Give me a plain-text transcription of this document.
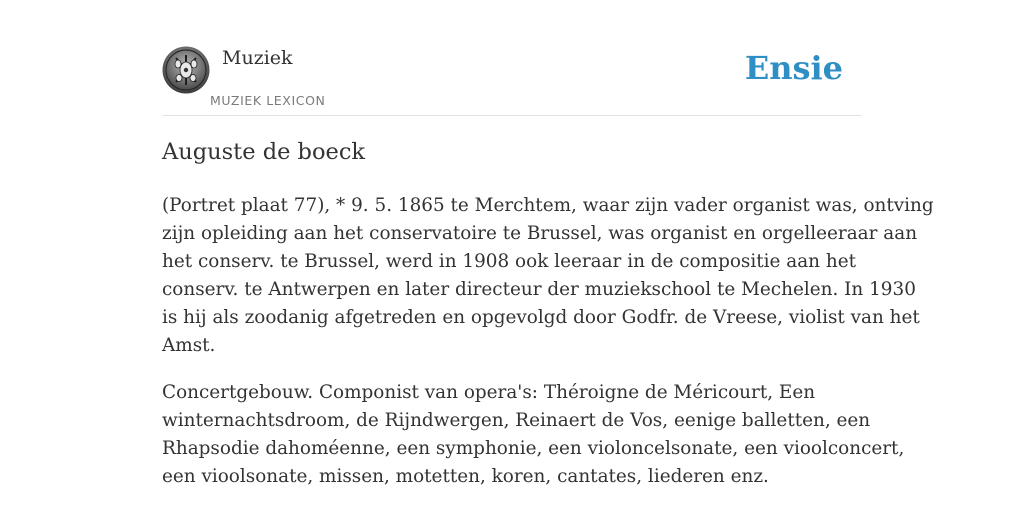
Muziek
MUZIEK LEXICON
Ensie
Auguste de boeck

(Portret plaat 77), * 9. 5. 1865 te Merchtem, waar zijn vader organist was, ontving
zijn opleiding aan het conservatoire te Brussel, was organist en orgelleeraar aan
het conserv. te Brussel, werd in 1908 ook leeraar in de compositie aan het
conserv. te Antwerpen en later directeur der muziekschool te Mechelen. In 1930
is hij als zoodanig afgetreden en opgevolgd door Godfr. de Vreese, violist van het
Amst.

Concertgebouw. Componist van opera's: Théroigne de Méricourt, Een
winternachtsdroom, de Rijndwergen, Reinaert de Vos, eenige balletten, een
Rhapsodie dahoméenne, een symphonie, een violoncelsonate, een vioolconcert,
een vioolsonate, missen, motetten, koren, cantates, liederen enz.
